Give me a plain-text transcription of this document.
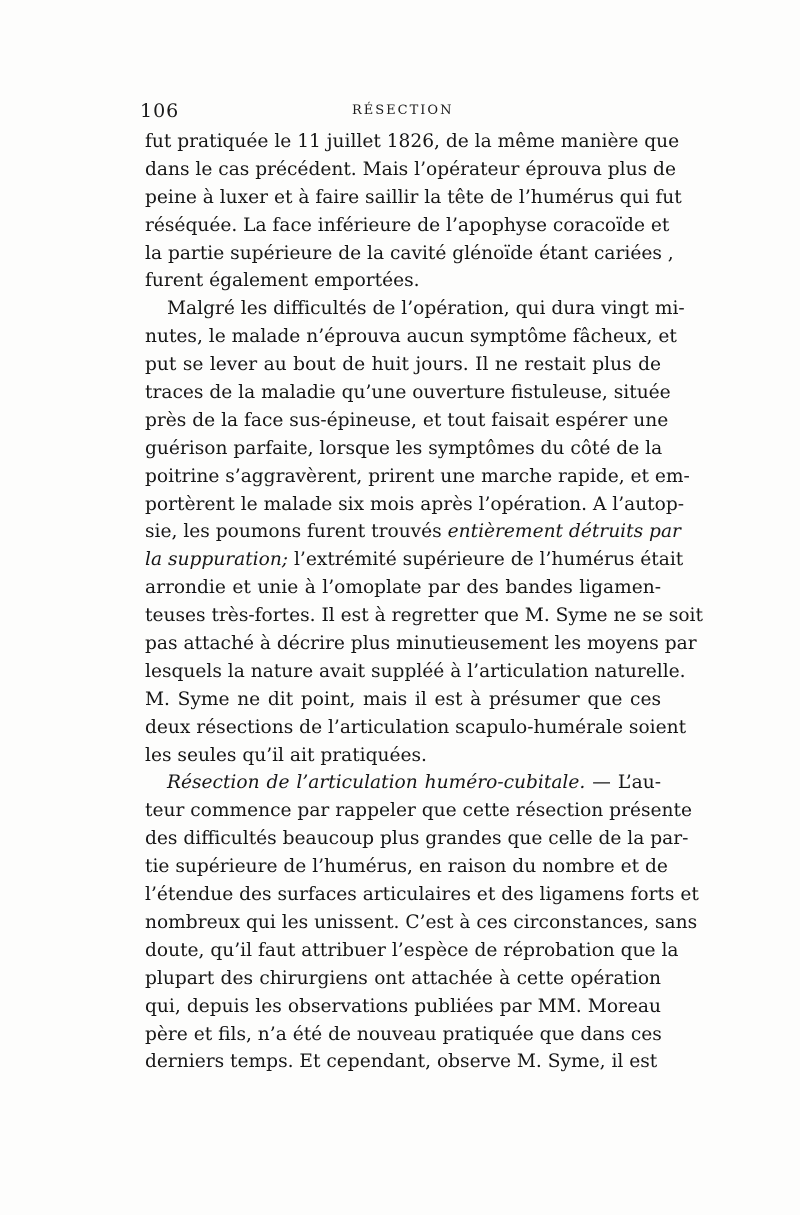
106	RÉSECTION
fut pratiquée le 11 juillet 1826, de la même manière que
dans le cas précédent. Mais l’opérateur éprouva plus de
peine à luxer et à faire saillir la tête de l’humérus qui fut
réséquée. La face inférieure de l’apophyse coracoïde et
la partie supérieure de la cavité glénoïde étant cariées ,
furent également emportées.
Malgré les difficultés de l’opération, qui dura vingt mi-
nutes, le malade n’éprouva aucun symptôme fâcheux, et
put se lever au bout de huit jours. Il ne restait plus de
traces de la maladie qu’une ouverture fistuleuse, située
près de la face sus-épineuse, et tout faisait espérer une
guérison parfaite, lorsque les symptômes du côté de la
poitrine s’aggravèrent, prirent une marche rapide, et em-
portèrent le malade six mois après l’opération. A l’autop-
sie, les poumons furent trouvés entièrement détruits par
la suppuration; l’extrémité supérieure de l’humérus était
arrondie et unie à l’omoplate par des bandes ligamen-
teuses très-fortes. Il est à regretter que M. Syme ne se soit
pas attaché à décrire plus minutieusement les moyens par
lesquels la nature avait suppléé à l’articulation naturelle.
M. Syme ne dit point, mais il est à présumer que ces
deux résections de l’articulation scapulo-humérale soient
les seules qu’il ait pratiquées.
Résection de l’articulation huméro-cubitale. — L’au-
teur commence par rappeler que cette résection présente
des difficultés beaucoup plus grandes que celle de la par-
tie supérieure de l’humérus, en raison du nombre et de
l’étendue des surfaces articulaires et des ligamens forts et
nombreux qui les unissent. C’est à ces circonstances, sans
doute, qu’il faut attribuer l’espèce de réprobation que la
plupart des chirurgiens ont attachée à cette opération
qui, depuis les observations publiées par MM. Moreau
père et fils, n’a été de nouveau pratiquée que dans ces
derniers temps. Et cependant, observe M. Syme, il est
